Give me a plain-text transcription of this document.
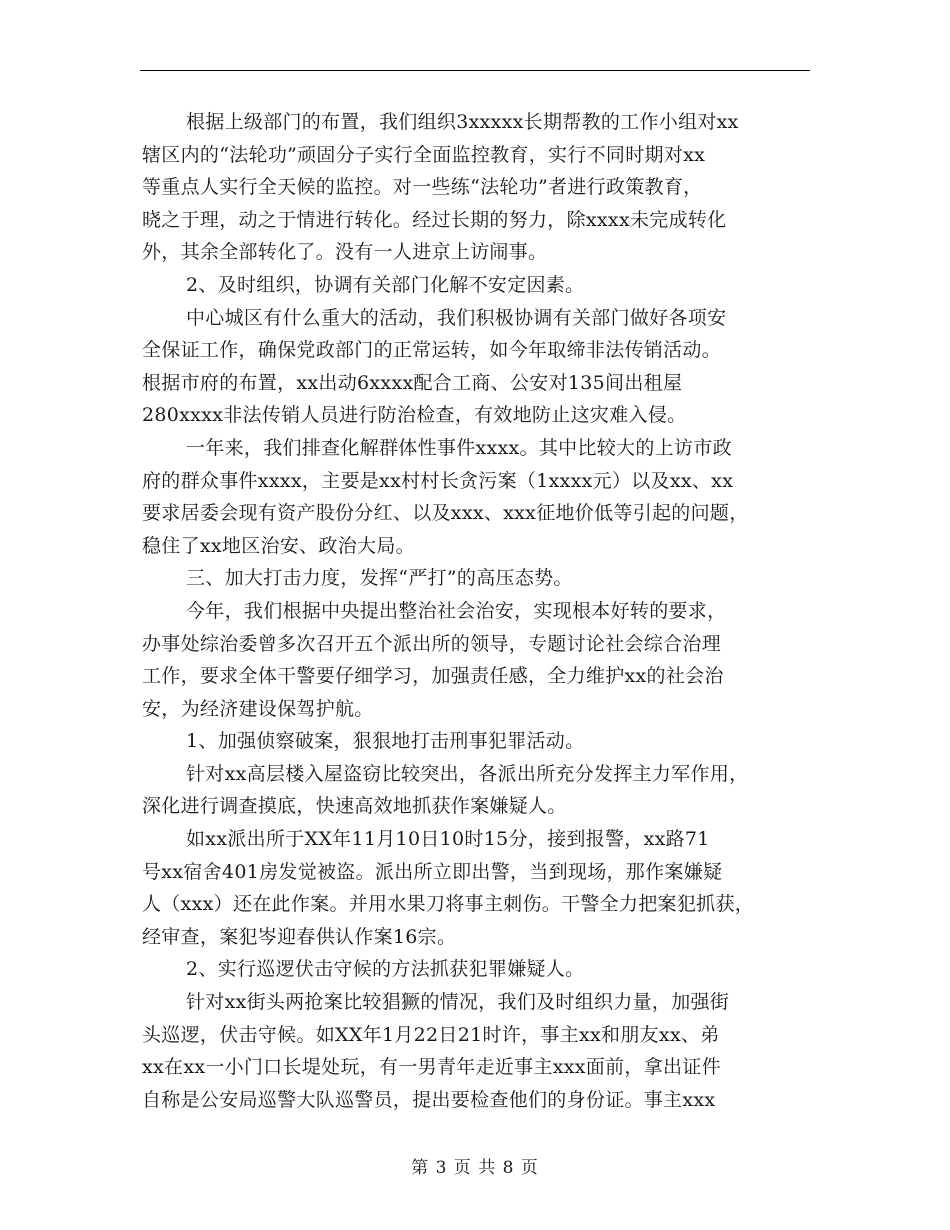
根据上级部门的布置，我们组织3xxxxx长期帮教的工作小组对xx
辖区内的“法轮功”顽固分子实行全面监控教育，实行不同时期对xx
等重点人实行全天候的监控。对一些练“法轮功”者进行政策教育，
晓之于理，动之于情进行转化。经过长期的努力，除xxxx未完成转化
外，其余全部转化了。没有一人进京上访闹事。
2、及时组织，协调有关部门化解不安定因素。
中心城区有什么重大的活动，我们积极协调有关部门做好各项安
全保证工作，确保党政部门的正常运转，如今年取缔非法传销活动。
根据市府的布置，xx出动6xxxx配合工商、公安对135间出租屋
280xxxx非法传销人员进行防治检查，有效地防止这灾难入侵。
一年来，我们排查化解群体性事件xxxx。其中比较大的上访市政
府的群众事件xxxx，主要是xx村村长贪污案（1xxxx元）以及xx、xx
要求居委会现有资产股份分红、以及xxx、xxx征地价低等引起的问题，
稳住了xx地区治安、政治大局。
三、加大打击力度，发挥“严打”的高压态势。
今年，我们根据中央提出整治社会治安，实现根本好转的要求，
办事处综治委曾多次召开五个派出所的领导，专题讨论社会综合治理
工作，要求全体干警要仔细学习，加强责任感，全力维护xx的社会治
安，为经济建设保驾护航。
1、加强侦察破案，狠狠地打击刑事犯罪活动。
针对xx高层楼入屋盗窃比较突出，各派出所充分发挥主力军作用，
深化进行调查摸底，快速高效地抓获作案嫌疑人。
如xx派出所于XX年11月10日10时15分，接到报警，xx路71
号xx宿舍401房发觉被盗。派出所立即出警，当到现场，那作案嫌疑
人（xxx）还在此作案。并用水果刀将事主刺伤。干警全力把案犯抓获，
经审查，案犯岑迎春供认作案16宗。
2、实行巡逻伏击守候的方法抓获犯罪嫌疑人。
针对xx街头两抢案比较猖獗的情况，我们及时组织力量，加强街
头巡逻，伏击守候。如XX年1月22日21时许，事主xx和朋友xx、弟
xx在xx一小门口长堤处玩，有一男青年走近事主xxx面前，拿出证件
自称是公安局巡警大队巡警员，提出要检查他们的身份证。事主xxx
第 3 页 共 8 页
